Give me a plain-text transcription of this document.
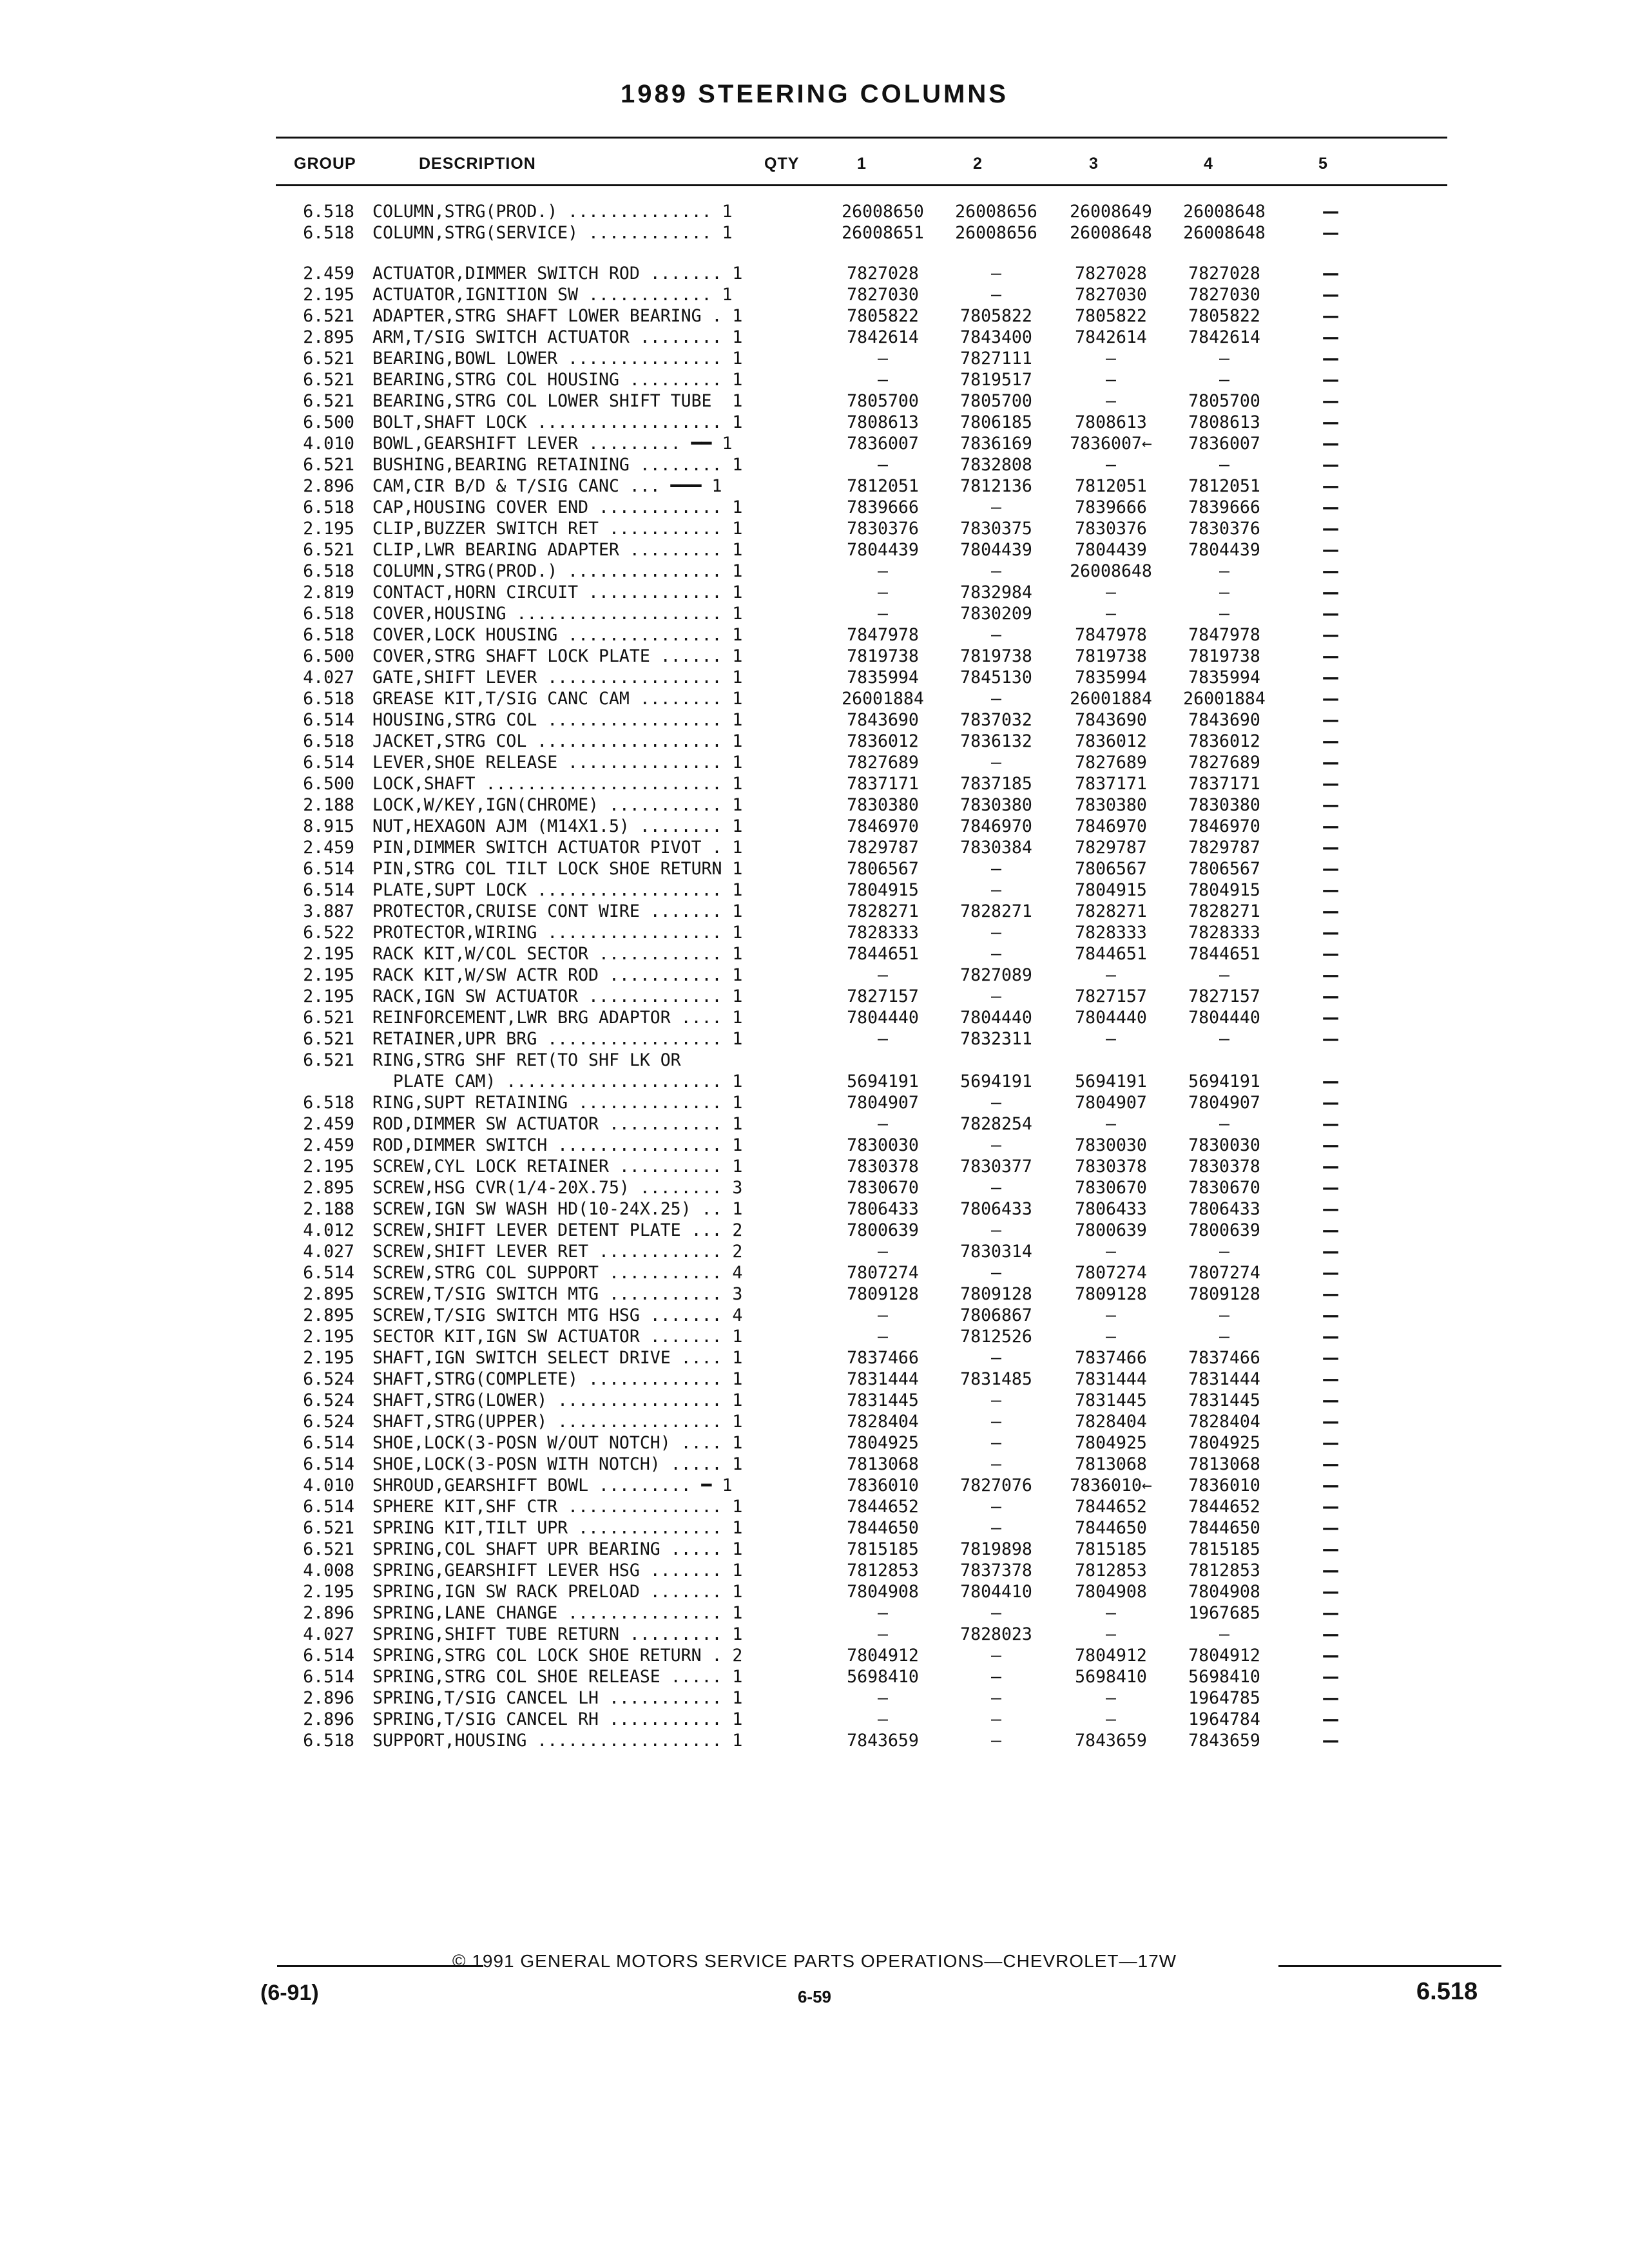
1989 STEERING COLUMNS
GROUP	DESCRIPTION	QTY	1	2	3	4	5
6.518 COLUMN,STRG(PROD.) .............. 1	26008650	26008656	26008649	26008648	—
6.518 COLUMN,STRG(SERVICE) ............ 1	26008651	26008656	26008648	26008648	—
2.459 ACTUATOR,DIMMER SWITCH ROD ....... 1	7827028	—	7827028	7827028	—
2.195 ACTUATOR,IGNITION SW ............ 1	7827030	—	7827030	7827030	—
6.521 ADAPTER,STRG SHAFT LOWER BEARING . 1	7805822	7805822	7805822	7805822	—
2.895 ARM,T/SIG SWITCH ACTUATOR ........ 1	7842614	7843400	7842614	7842614	—
6.521 BEARING,BOWL LOWER ............... 1	—	7827111	—	—	—
6.521 BEARING,STRG COL HOUSING ......... 1	—	7819517	—	—	—
6.521 BEARING,STRG COL LOWER SHIFT TUBE  1	7805700	7805700	—	7805700	—
6.500 BOLT,SHAFT LOCK .................. 1	7808613	7806185	7808613	7808613	—
4.010 BOWL,GEARSHIFT LEVER ......... ━━ 1	7836007	7836169	7836007←	7836007	—
6.521 BUSHING,BEARING RETAINING ........ 1	—	7832808	—	—	—
2.896 CAM,CIR B/D & T/SIG CANC ... ━━━ 1	7812051	7812136	7812051	7812051	—
6.518 CAP,HOUSING COVER END ............ 1	7839666	—	7839666	7839666	—
2.195 CLIP,BUZZER SWITCH RET ........... 1	7830376	7830375	7830376	7830376	—
6.521 CLIP,LWR BEARING ADAPTER ......... 1	7804439	7804439	7804439	7804439	—
6.518 COLUMN,STRG(PROD.) ............... 1	—	—	26008648	—	—
2.819 CONTACT,HORN CIRCUIT ............. 1	—	7832984	—	—	—
6.518 COVER,HOUSING .................... 1	—	7830209	—	—	—
6.518 COVER,LOCK HOUSING ............... 1	7847978	—	7847978	7847978	—
6.500 COVER,STRG SHAFT LOCK PLATE ...... 1	7819738	7819738	7819738	7819738	—
4.027 GATE,SHIFT LEVER ................. 1	7835994	7845130	7835994	7835994	—
6.518 GREASE KIT,T/SIG CANC CAM ........ 1	26001884	—	26001884	26001884	—
6.514 HOUSING,STRG COL ................. 1	7843690	7837032	7843690	7843690	—
6.518 JACKET,STRG COL .................. 1	7836012	7836132	7836012	7836012	—
6.514 LEVER,SHOE RELEASE ............... 1	7827689	—	7827689	7827689	—
6.500 LOCK,SHAFT ....................... 1	7837171	7837185	7837171	7837171	—
2.188 LOCK,W/KEY,IGN(CHROME) ........... 1	7830380	7830380	7830380	7830380	—
8.915 NUT,HEXAGON AJM (M14X1.5) ........ 1	7846970	7846970	7846970	7846970	—
2.459 PIN,DIMMER SWITCH ACTUATOR PIVOT . 1	7829787	7830384	7829787	7829787	—
6.514 PIN,STRG COL TILT LOCK SHOE RETURN 1	7806567	—	7806567	7806567	—
6.514 PLATE,SUPT LOCK .................. 1	7804915	—	7804915	7804915	—
3.887 PROTECTOR,CRUISE CONT WIRE ....... 1	7828271	7828271	7828271	7828271	—
6.522 PROTECTOR,WIRING ................. 1	7828333	—	7828333	7828333	—
2.195 RACK KIT,W/COL SECTOR ............ 1	7844651	—	7844651	7844651	—
2.195 RACK KIT,W/SW ACTR ROD ........... 1	—	7827089	—	—	—
2.195 RACK,IGN SW ACTUATOR ............. 1	7827157	—	7827157	7827157	—
6.521 REINFORCEMENT,LWR BRG ADAPTOR .... 1	7804440	7804440	7804440	7804440	—
6.521 RETAINER,UPR BRG ................. 1	—	7832311	—	—	—
6.521 RING,STRG SHF RET(TO SHF LK OR
PLATE CAM) ..................... 1	5694191	5694191	5694191	5694191	—
6.518 RING,SUPT RETAINING .............. 1	7804907	—	7804907	7804907	—
2.459 ROD,DIMMER SW ACTUATOR ........... 1	—	7828254	—	—	—
2.459 ROD,DIMMER SWITCH ................ 1	7830030	—	7830030	7830030	—
2.195 SCREW,CYL LOCK RETAINER .......... 1	7830378	7830377	7830378	7830378	—
2.895 SCREW,HSG CVR(1/4-20X.75) ........ 3	7830670	—	7830670	7830670	—
2.188 SCREW,IGN SW WASH HD(10-24X.25) .. 1	7806433	7806433	7806433	7806433	—
4.012 SCREW,SHIFT LEVER DETENT PLATE ... 2	7800639	—	7800639	7800639	—
4.027 SCREW,SHIFT LEVER RET ............ 2	—	7830314	—	—	—
6.514 SCREW,STRG COL SUPPORT ........... 4	7807274	—	7807274	7807274	—
2.895 SCREW,T/SIG SWITCH MTG ........... 3	7809128	7809128	7809128	7809128	—
2.895 SCREW,T/SIG SWITCH MTG HSG ....... 4	—	7806867	—	—	—
2.195 SECTOR KIT,IGN SW ACTUATOR ....... 1	—	7812526	—	—	—
2.195 SHAFT,IGN SWITCH SELECT DRIVE .... 1	7837466	—	7837466	7837466	—
6.524 SHAFT,STRG(COMPLETE) ............. 1	7831444	7831485	7831444	7831444	—
6.524 SHAFT,STRG(LOWER) ................ 1	7831445	—	7831445	7831445	—
6.524 SHAFT,STRG(UPPER) ................ 1	7828404	—	7828404	7828404	—
6.514 SHOE,LOCK(3-POSN W/OUT NOTCH) .... 1	7804925	—	7804925	7804925	—
6.514 SHOE,LOCK(3-POSN WITH NOTCH) ..... 1	7813068	—	7813068	7813068	—
4.010 SHROUD,GEARSHIFT BOWL ......... ━ 1	7836010	7827076	7836010←	7836010	—
6.514 SPHERE KIT,SHF CTR ............... 1	7844652	—	7844652	7844652	—
6.521 SPRING KIT,TILT UPR .............. 1	7844650	—	7844650	7844650	—
6.521 SPRING,COL SHAFT UPR BEARING ..... 1	7815185	7819898	7815185	7815185	—
4.008 SPRING,GEARSHIFT LEVER HSG ....... 1	7812853	7837378	7812853	7812853	—
2.195 SPRING,IGN SW RACK PRELOAD ....... 1	7804908	7804410	7804908	7804908	—
2.896 SPRING,LANE CHANGE ............... 1	—	—	—	1967685	—
4.027 SPRING,SHIFT TUBE RETURN ......... 1	—	7828023	—	—	—
6.514 SPRING,STRG COL LOCK SHOE RETURN . 2	7804912	—	7804912	7804912	—
6.514 SPRING,STRG COL SHOE RELEASE ..... 1	5698410	—	5698410	5698410	—
2.896 SPRING,T/SIG CANCEL LH ........... 1	—	—	—	1964785	—
2.896 SPRING,T/SIG CANCEL RH ........... 1	—	—	—	1964784	—
6.518 SUPPORT,HOUSING .................. 1	7843659	—	7843659	7843659	—
© 1991 GENERAL MOTORS SERVICE PARTS OPERATIONS—CHEVROLET—17W
(6-91)	6-59	6.518
